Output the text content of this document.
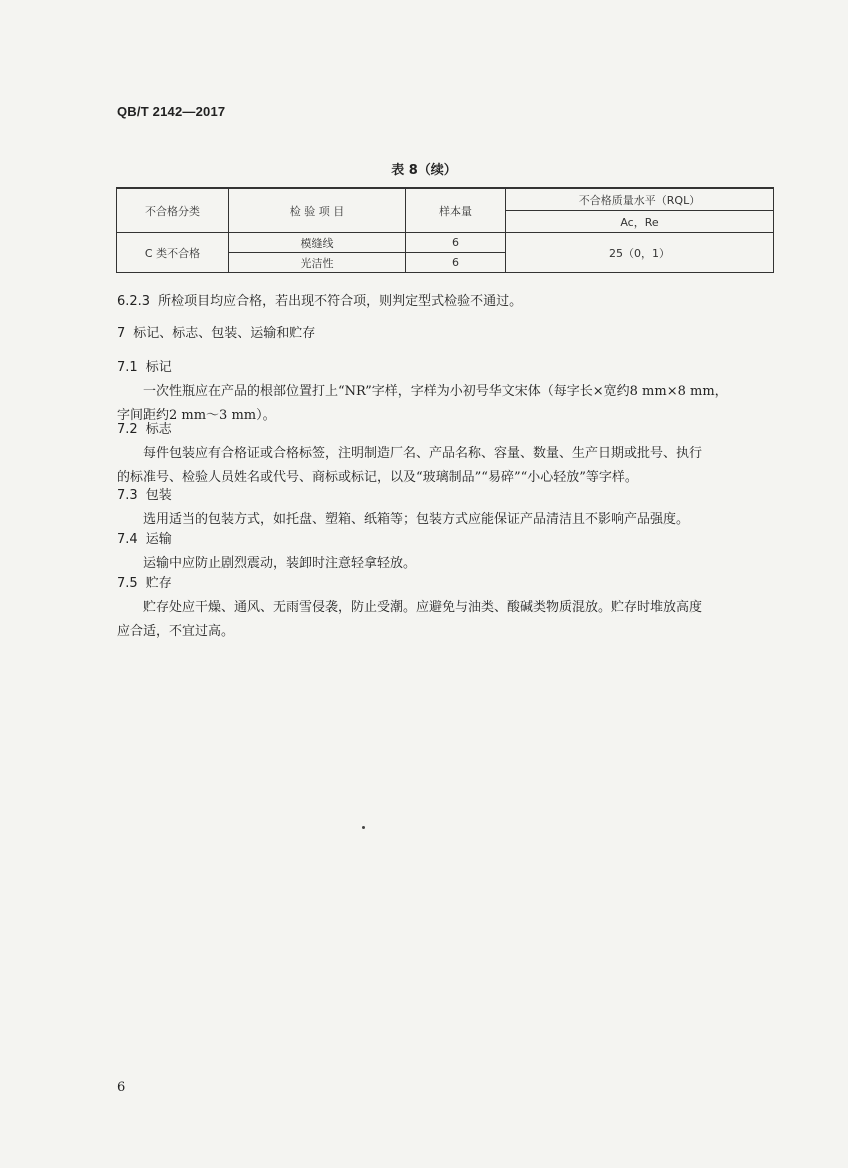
QB/T 2142—2017
表 8（续）
不合格分类	检 验 项 目	样本量	不合格质量水平（RQL）
			Ac，Re
C 类不合格	模缝线	6	25（0，1）
	光洁性	6	
6.2.3 所检项目均应合格，若出现不符合项，则判定型式检验不通过。
7 标记、标志、包装、运输和贮存
7.1 标记
一次性瓶应在产品的根部位置打上“NR”字样，字样为小初号华文宋体（每字长×宽约8 mm×8 mm，
字间距约2 mm～3 mm）。
7.2 标志
每件包装应有合格证或合格标签，注明制造厂名、产品名称、容量、数量、生产日期或批号、执行
的标准号、检验人员姓名或代号、商标或标记，以及“玻璃制品”“易碎”“小心轻放”等字样。
7.3 包装
选用适当的包装方式，如托盘、塑箱、纸箱等；包装方式应能保证产品清洁且不影响产品强度。
7.4 运输
运输中应防止剧烈震动，装卸时注意轻拿轻放。
7.5 贮存
贮存处应干燥、通风、无雨雪侵袭，防止受潮。应避免与油类、酸碱类物质混放。贮存时堆放高度
应合适，不宜过高。
6
